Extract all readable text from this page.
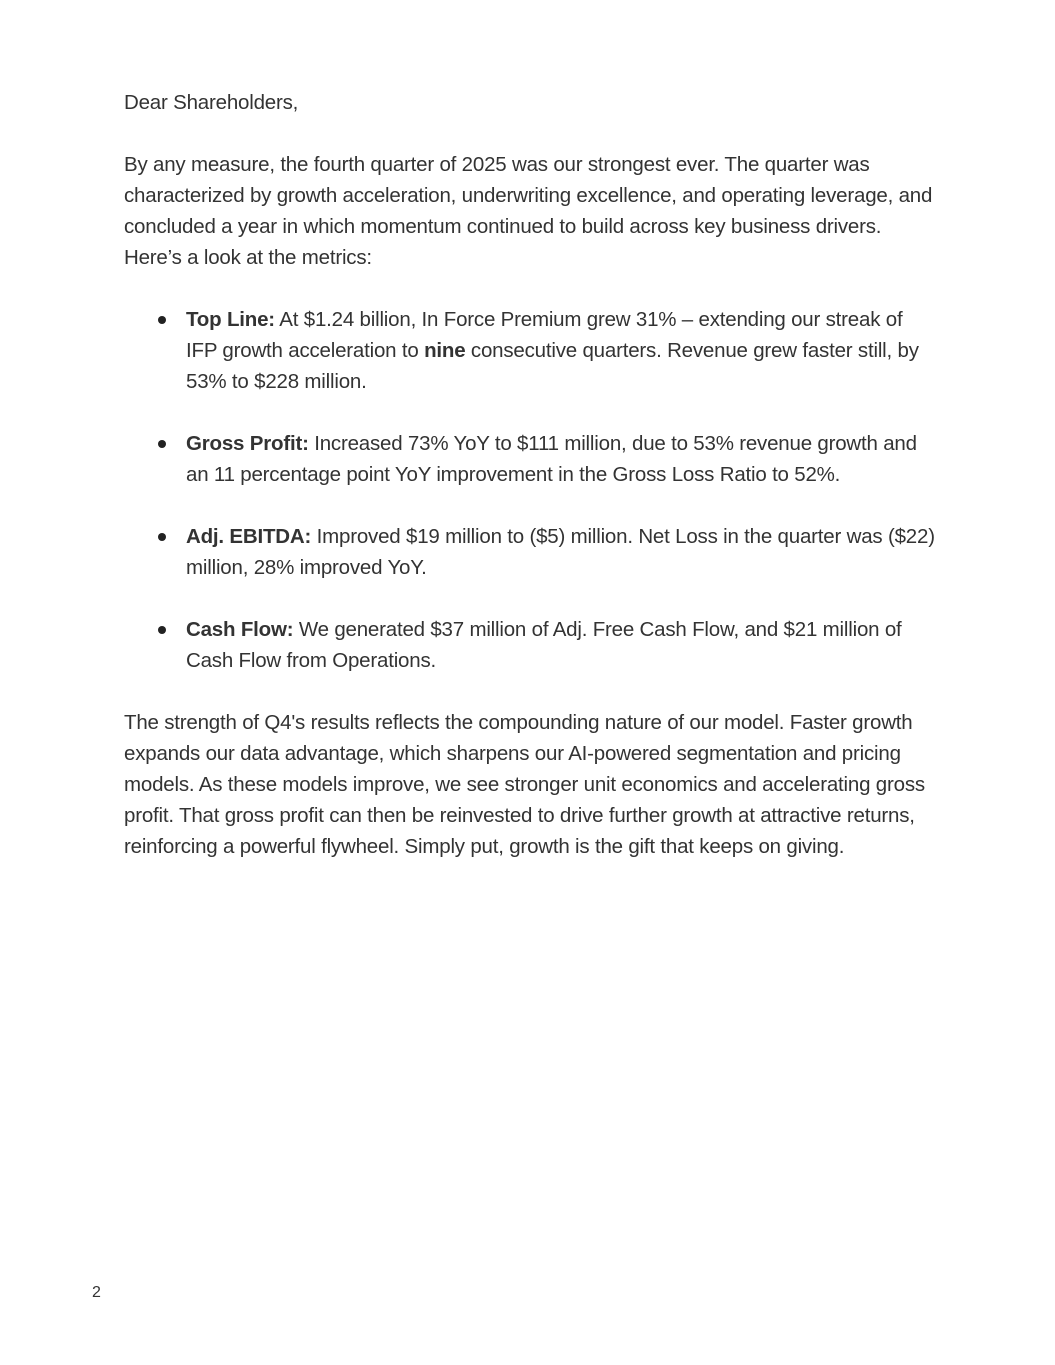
Dear Shareholders,

By any measure, the fourth quarter of 2025 was our strongest ever. The quarter was characterized by growth acceleration, underwriting excellence, and operating leverage, and concluded a year in which momentum continued to build across key business drivers. Here’s a look at the metrics:

Top Line: At $1.24 billion, In Force Premium grew 31% – extending our streak of IFP growth acceleration to nine consecutive quarters. Revenue grew faster still, by 53% to $228 million.
Gross Profit: Increased 73% YoY to $111 million, due to 53% revenue growth and an 11 percentage point YoY improvement in the Gross Loss Ratio to 52%.
Adj. EBITDA: Improved $19 million to ($5) million. Net Loss in the quarter was ($22) million, 28% improved YoY.
Cash Flow: We generated $37 million of Adj. Free Cash Flow, and $21 million of Cash Flow from Operations.

The strength of Q4's results reflects the compounding nature of our model. Faster growth expands our data advantage, which sharpens our AI-powered segmentation and pricing models. As these models improve, we see stronger unit economics and accelerating gross profit. That gross profit can then be reinvested to drive further growth at attractive returns, reinforcing a powerful flywheel. Simply put, growth is the gift that keeps on giving.

2
